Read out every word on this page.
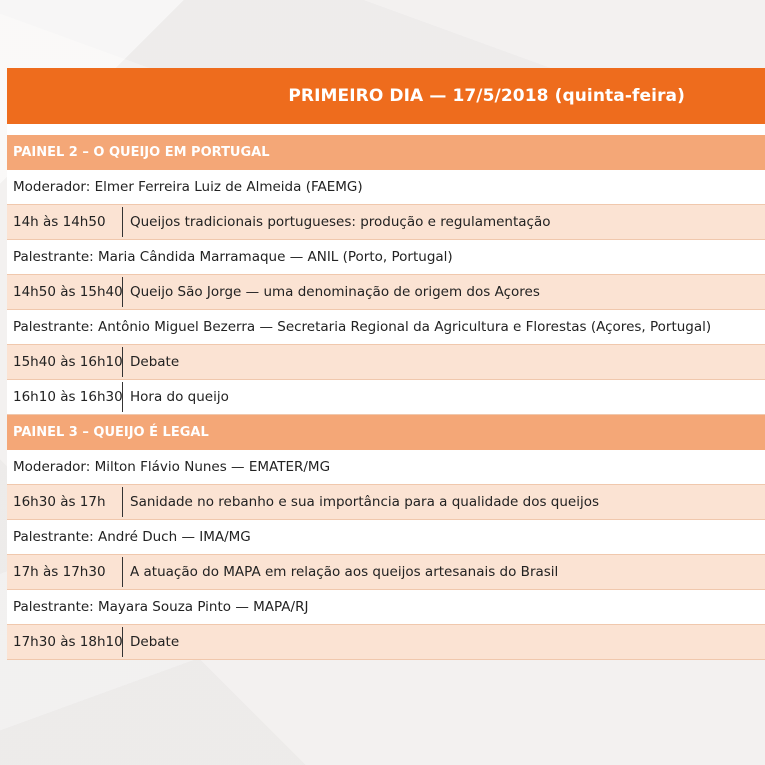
PRIMEIRO DIA — 17/5/2018 (quinta-feira)
PAINEL 2 – O QUEIJO EM PORTUGAL
Moderador: Elmer Ferreira Luiz de Almeida (FAEMG)
14h às 14h50	Queijos tradicionais portugueses: produção e regulamentação
Palestrante: Maria Cândida Marramaque — ANIL (Porto, Portugal)
14h50 às 15h40 Queijo São Jorge — uma denominação de origem dos Açores
Palestrante: Antônio Miguel Bezerra — Secretaria Regional da Agricultura e Florestas (Açores, Portugal)
15h40 às 16h10 Debate
16h10 às 16h30 Hora do queijo
PAINEL 3 – QUEIJO É LEGAL
Moderador: Milton Flávio Nunes — EMATER/MG
16h30 às 17h	Sanidade no rebanho e sua importância para a qualidade dos queijos
Palestrante: André Duch — IMA/MG
17h às 17h30	A atuação do MAPA em relação aos queijos artesanais do Brasil
Palestrante: Mayara Souza Pinto — MAPA/RJ
17h30 às 18h10 Debate
